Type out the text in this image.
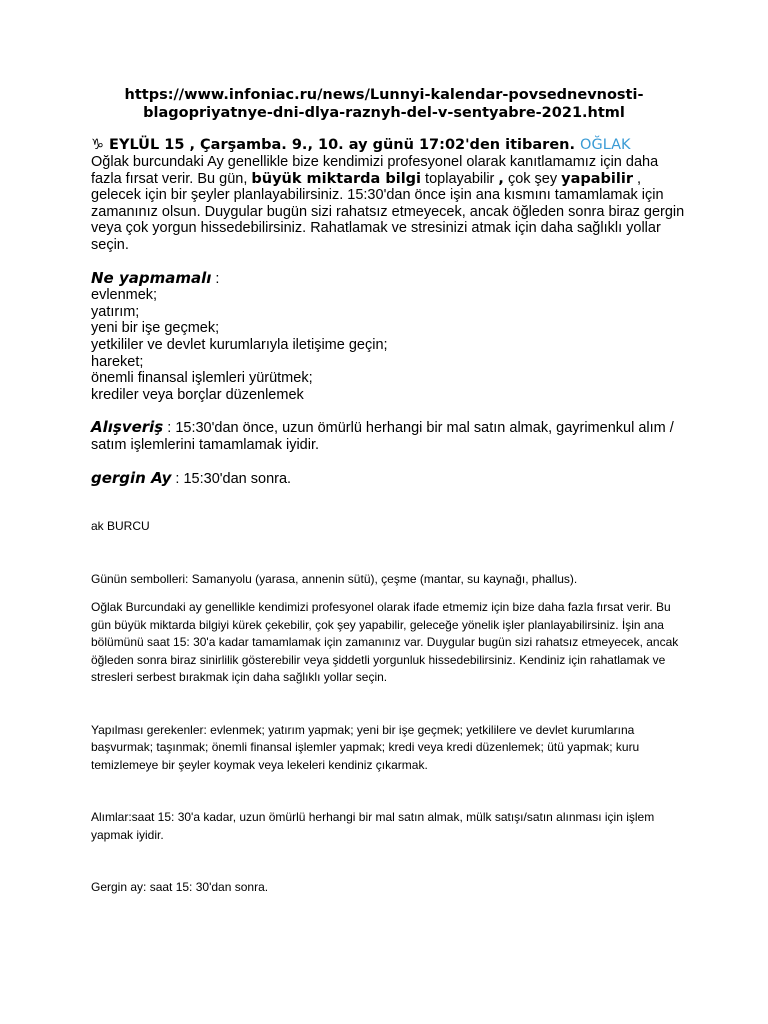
https://www.infoniac.ru/news/Lunnyi-kalendar-povsednevnosti-
blagopriyatnye-dni-dlya-raznyh-del-v-sentyabre-2021.html
♑ EYLÜL 15 , Çarşamba. 9., 10. ay günü 17:02'den itibaren. OĞLAK
Oğlak burcundaki Ay genellikle bize kendimizi profesyonel olarak kanıtlamamız için daha fazla fırsat verir. Bu gün, büyük miktarda bilgi toplayabilir , çok şey yapabilir , gelecek için bir şeyler planlayabilirsiniz. 15:30'dan önce işin ana kısmını tamamlamak için zamanınız olsun. Duygular bugün sizi rahatsız etmeyecek, ancak öğleden sonra biraz gergin veya çok yorgun hissedebilirsiniz. Rahatlamak ve stresinizi atmak için daha sağlıklı yollar seçin.
Ne yapmamalı :
evlenmek;
yatırım;
yeni bir işe geçmek;
yetkililer ve devlet kurumlarıyla iletişime geçin;
hareket;
önemli finansal işlemleri yürütmek;
krediler veya borçlar düzenlemek
Alışveriş : 15:30'dan önce, uzun ömürlü herhangi bir mal satın almak, gayrimenkul alım / satım işlemlerini tamamlamak iyidir.
gergin Ay : 15:30'dan sonra.

ak BURCU

Günün sembolleri: Samanyolu (yarasa, annenin sütü), çeşme (mantar, su kaynağı, phallus).

Oğlak Burcundaki ay genellikle kendimizi profesyonel olarak ifade etmemiz için bize daha fazla fırsat verir. Bu gün büyük miktarda bilgiyi kürek çekebilir, çok şey yapabilir, geleceğe yönelik işler planlayabilirsiniz. İşin ana bölümünü saat 15: 30'a kadar tamamlamak için zamanınız var. Duygular bugün sizi rahatsız etmeyecek, ancak öğleden sonra biraz sinirlilik gösterebilir veya şiddetli yorgunluk hissedebilirsiniz. Kendiniz için rahatlamak ve stresleri serbest bırakmak için daha sağlıklı yollar seçin.

Yapılması gerekenler: evlenmek; yatırım yapmak; yeni bir işe geçmek; yetkililere ve devlet kurumlarına başvurmak; taşınmak; önemli finansal işlemler yapmak; kredi veya kredi düzenlemek; ütü yapmak; kuru temizlemeye bir şeyler koymak veya lekeleri kendiniz çıkarmak.

Alımlar:saat 15: 30'a kadar, uzun ömürlü herhangi bir mal satın almak, mülk satışı/satın alınması için işlem yapmak iyidir.

Gergin ay: saat 15: 30'dan sonra.
